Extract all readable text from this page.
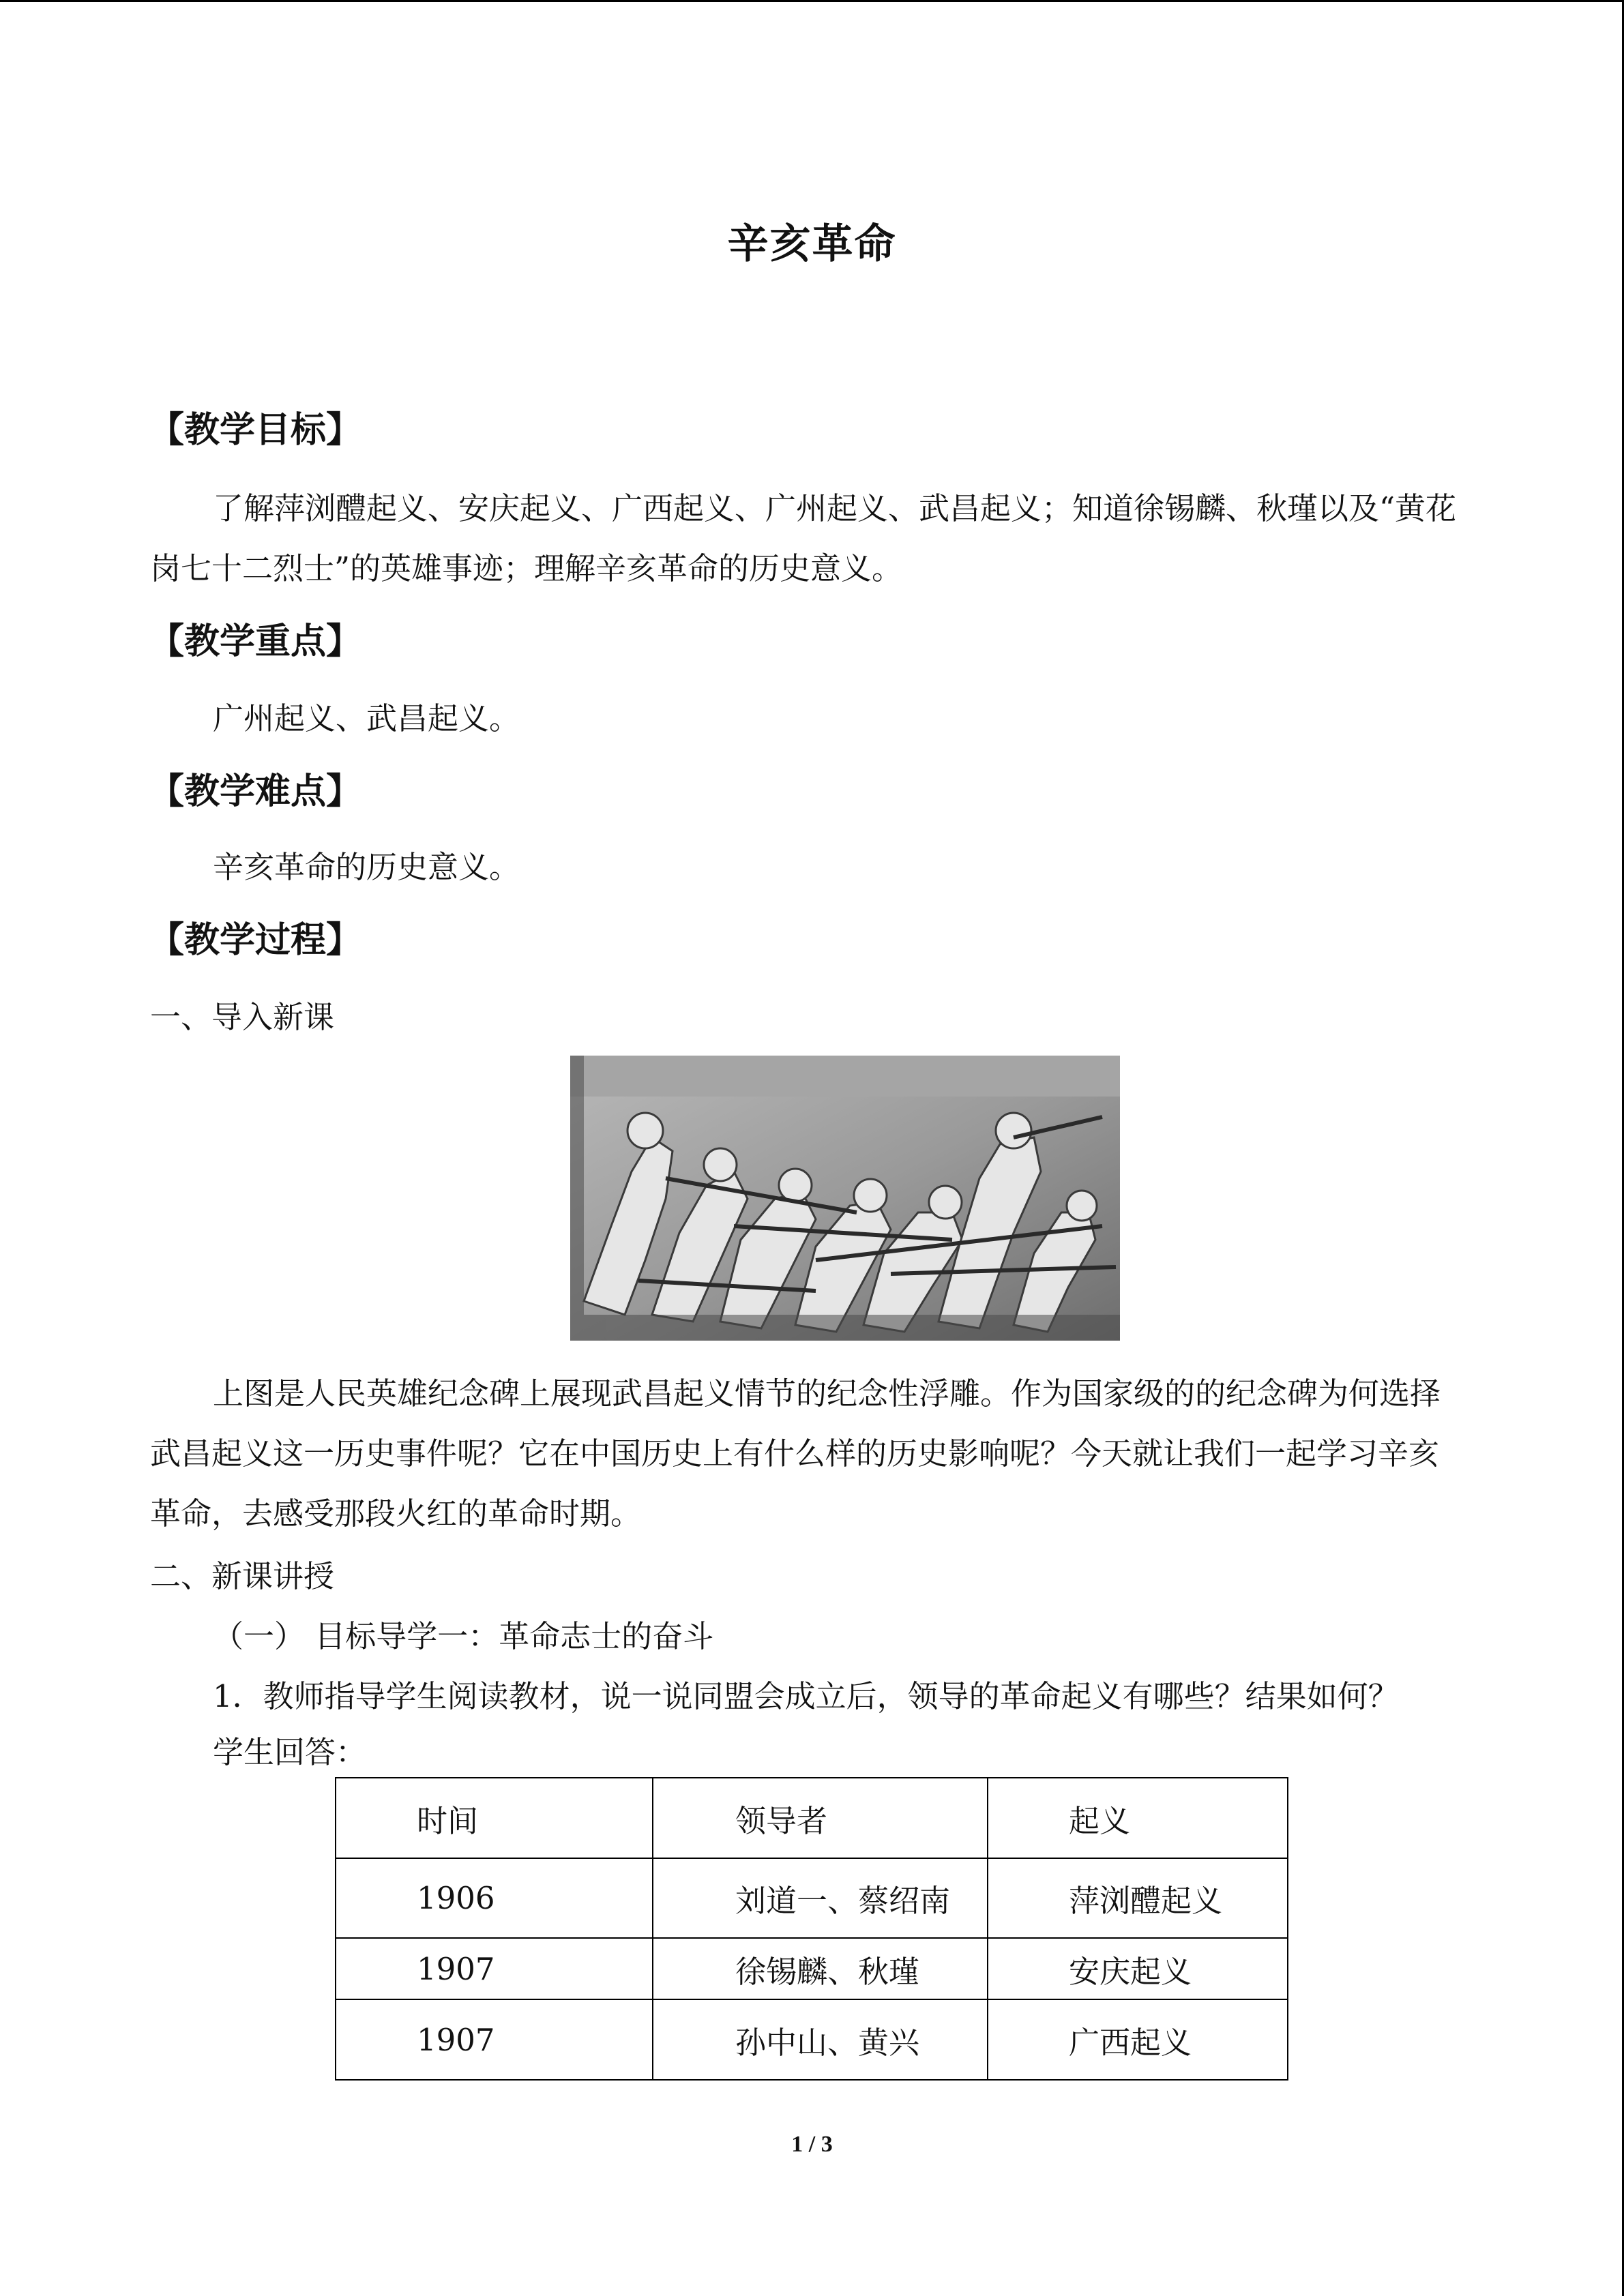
辛亥革命
【教学目标】
了解萍浏醴起义、安庆起义、广西起义、广州起义、武昌起义；知道徐锡麟、秋瑾以及“黄花岗七十二烈士”的英雄事迹；理解辛亥革命的历史意义。
【教学重点】
广州起义、武昌起义。
【教学难点】
辛亥革命的历史意义。
【教学过程】
一、导入新课
上图是人民英雄纪念碑上展现武昌起义情节的纪念性浮雕。作为国家级的的纪念碑为何选择武昌起义这一历史事件呢？它在中国历史上有什么样的历史影响呢？今天就让我们一起学习辛亥革命，去感受那段火红的革命时期。
二、新课讲授
（一） 目标导学一：革命志士的奋斗
1．教师指导学生阅读教材，说一说同盟会成立后，领导的革命起义有哪些？结果如何？
学生回答：
时间	领导者	起义
1906	刘道一、蔡绍南	萍浏醴起义
1907	徐锡麟、秋瑾	安庆起义
1907	孙中山、黄兴	广西起义
1 / 3
